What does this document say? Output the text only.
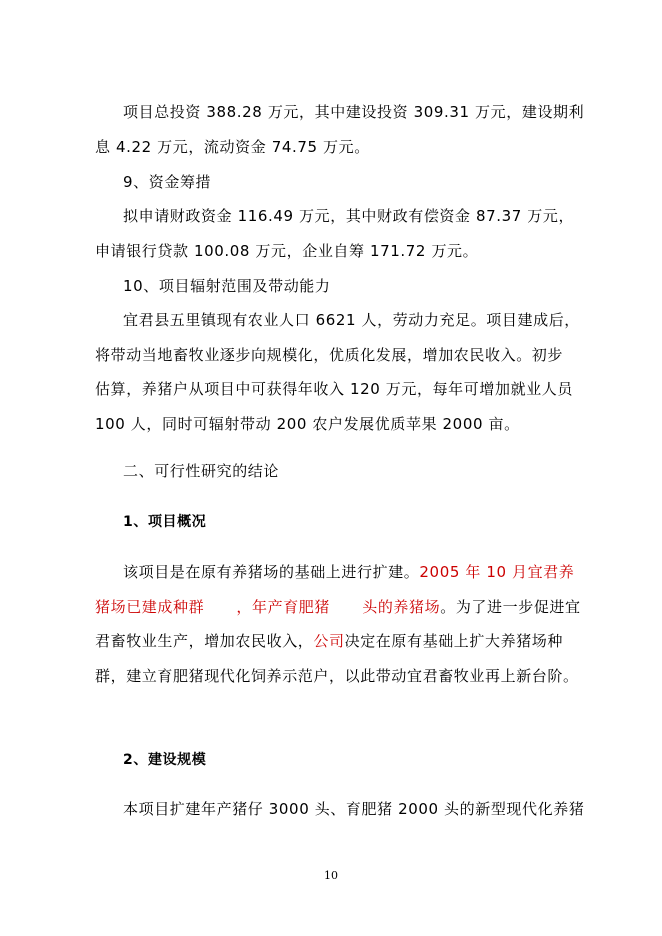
项目总投资 388.28 万元，其中建设投资 309.31 万元，建设期利
息 4.22 万元，流动资金 74.75 万元。
9、资金筹措
拟申请财政资金 116.49 万元，其中财政有偿资金 87.37 万元，
申请银行贷款 100.08 万元，企业自筹 171.72 万元。
10、项目辐射范围及带动能力
宜君县五里镇现有农业人口 6621 人，劳动力充足。项目建成后，
将带动当地畜牧业逐步向规模化，优质化发展，增加农民收入。初步
估算，养猪户从项目中可获得年收入 120 万元，每年可增加就业人员
100 人，同时可辐射带动 200 农户发展优质苹果 2000 亩。
二、可行性研究的结论
1、项目概况
该项目是在原有养猪场的基础上进行扩建。2005 年 10 月宜君养
猪场已建成种群      ，年产育肥猪      头的养猪场。为了进一步促进宜
君畜牧业生产，增加农民收入，公司决定在原有基础上扩大养猪场种
群，建立育肥猪现代化饲养示范户，以此带动宜君畜牧业再上新台阶。
2、建设规模
本项目扩建年产猪仔 3000 头、育肥猪 2000 头的新型现代化养猪
10
